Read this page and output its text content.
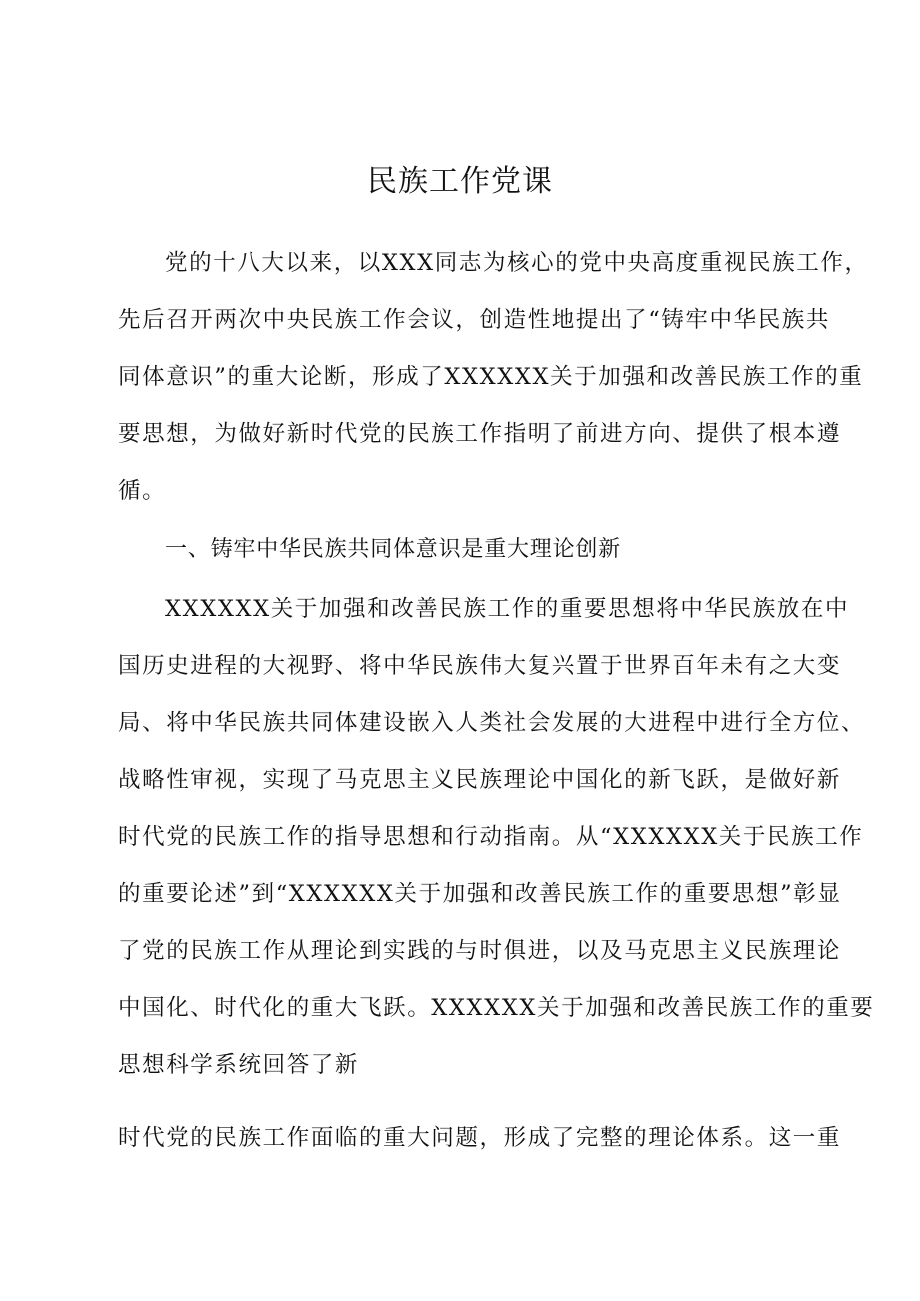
民族工作党课
党的十八大以来，以XXX同志为核心的党中央高度重视民族工作，
先后召开两次中央民族工作会议，创造性地提出了“铸牢中华民族共
同体意识”的重大论断，形成了XXXXXX关于加强和改善民族工作的重
要思想，为做好新时代党的民族工作指明了前进方向、提供了根本遵
循。
一、铸牢中华民族共同体意识是重大理论创新
XXXXXX关于加强和改善民族工作的重要思想将中华民族放在中
国历史进程的大视野、将中华民族伟大复兴置于世界百年未有之大变
局、将中华民族共同体建设嵌入人类社会发展的大进程中进行全方位、
战略性审视，实现了马克思主义民族理论中国化的新飞跃，是做好新
时代党的民族工作的指导思想和行动指南。从“XXXXXX关于民族工作
的重要论述”到“XXXXXX关于加强和改善民族工作的重要思想”彰显
了党的民族工作从理论到实践的与时俱进，以及马克思主义民族理论
中国化、时代化的重大飞跃。XXXXXX关于加强和改善民族工作的重要
思想科学系统回答了新
时代党的民族工作面临的重大问题，形成了完整的理论体系。这一重
